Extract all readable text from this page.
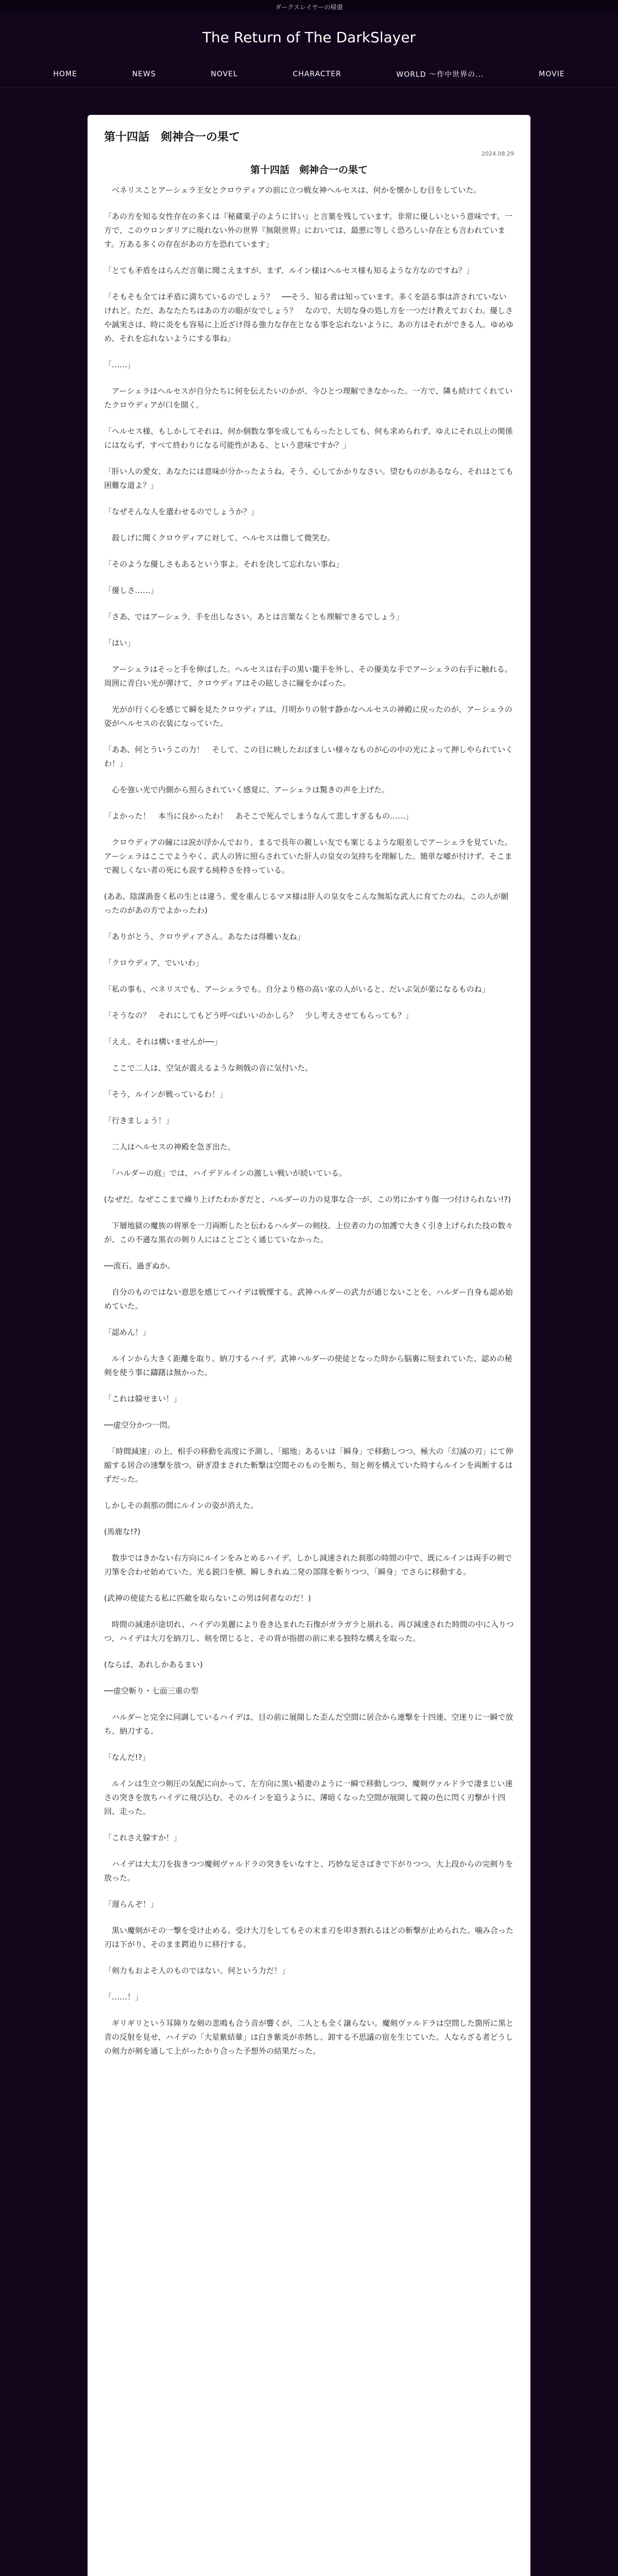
ダークスレイヤーの帰還
The Return of The DarkSlayer
HOME	NEWS	NOVEL	CHARACTER	WORLD ～作中世界の...	MOVIE
第十四話　剣神合一の果て
2024.08.29
第十四話　剣神合一の果て

　ベネリスことアーシェラ王女とクロウディアの前に立つ戦女神ヘルセスは、何かを懐かしむ目をしていた。

「あの方を知る女性存在の多くは『秘蔵菓子のように甘い』と言葉を残しています。非常に優しいという意味です。一方で、このウロンダリアに現れない外の世界『無限世界』においては、最悪に等しく恐ろしい存在とも言われています。万ある多くの存在があの方を恐れています」

「とても矛盾をはらんだ言葉に聞こえますが、まず、ルイン様はヘルセス様も知るような方なのですね？」

「そもそも全ては矛盾に満ちているのでしょう？　──そう、知る者は知っています。多くを語る事は許されていないけれど。ただ、あなたたちはあの方の眼が女でしょう？　なので、大切な身の処し方を一つだけ教えておくわ。優しさや誠実さは、時に炎をも容易に上近ざけ得る強力な存在となる事を忘れないように。あの方はそれができる人。ゆめゆめ、それを忘れないようにする事ね」

「……」

　アーシェラはヘルセスが自分たちに何を伝えたいのかが、今ひとつ理解できなかった。一方で、隣も続けてくれていたクロウディアが口を開く。

「ヘルセス様、もしかしてそれは、何か個数な事を成してもらったとしても、何も求められず、ゆえにそれ以上の関係にはならず、すべて終わりになる可能性がある、という意味ですか？」

「肝い人の愛女、あなたには意味が分かったようね。そう、心してかかりなさい。望むものがあるなら、それはとても困難な道よ？」

「なぜそんな人を遣わせるのでしょうか？」

　殺しげに聞くクロウディアに対して、ヘルセスは微して微笑む。

「そのような優しさもあるという事よ。それを決して忘れない事ね」

「優しさ……」

「さあ、ではアーシェラ、手を出しなさい。あとは言葉なくとも理解できるでしょう」

「はい」

　アーシェラはそっと手を伸ばした。ヘルセスは右手の黒い籠手を外し、その優美な手でアーシェラの右手に触れる。周囲に青白い光が弾けて、クロウディアはその眩しさに瞳をかばった。

　光がが行く心を感じて瞬を見たクロウディアは、月明かりの射す静かなヘルセスの神殿に戻ったのが、アーシェラの姿がヘルセスの衣装になっていた。

「ああ、何とういうこの力！　そして、この目に映したおぼましい様々なものが心の中の光によって押しやられていくわ！」

　心を強い光で内側から照らされていく感覚に、アーシェラは驚きの声を上げた。

「よかった！　本当に良かったわ！　あそこで死んでしまうなんて悲しすぎるもの……」

　クロウディアの瞳には涙が浮かんでおり、まるで長年の親しい友でも案じるような眼差しでアーシェラを見ていた。アーシェラはここでようやく、武人の皆に照らされていた肝人の皇女の気持ちを理解した。簡単な嘘が付けず、そこまで親しくない者の死にも涙する純粋さを持っている。

(ああ、陰謀渦巻く私の生とは違う。愛を重んじるマヌ様は肝人の皇女をこんな無垢な武人に育てたのね。この人が願ったのがあの方でよかったわ)

「ありがとう、クロウディアさん。あなたは得難い友ね」

「クロウディア、でいいわ」

「私の事も、ベネリスでも、アーシェラでも。自分より格の高い家の人がいると、だいぶ気が楽になるものね」

「そうなの？　それにしてもどう呼べばいいのかしら？　少し考えさせてもらっても？」

「ええ、それは構いませんが──」

　ここで二人は、空気が震えるような剣戟の音に気付いた。

「そう、ルインが戦っているわ！」

「行きましょう！」

　二人はヘルセスの神殿を急ぎ出た。

　「ハルダーの庭」では、ハイデドルインの激しい戦いが続いている。

(なぜだ。なぜここまで繰り上げたわかぎだと、ハルダーの力の見事な合一が、この男にかすり傷一つ付けられない!?)

　下層地獄の魔族の将軍を一刀両断したと伝わるハルダーの剣技、上位者の力の加護で大きく引き上げられた技の数々が、この不遜な黒衣の剣り人にはことごとく通じていなかった。

──流石、過ぎぬか。

　自分のものではない意思を感じてハイデは戦慄する。武神ハルダーの武力が通じないことを、ハルダー自身も認め始めていた。

「認めん！」

　ルインから大きく距離を取り、納刀するハイデ。武神ハルダーの使徒となった時から脳裏に刻まれていた、認めの秘剣を使う事に躊躇は無かった。

「これは躱せまい！」

──虚空分かつ一閃。

　「時間減速」の上、相手の移動を高度に予測し、「縮地」あるいは「瞬身」で移動しつつ、極大の「幻滅の刃」にて伸縮する居合の速撃を放つ。研ぎ澄まされた斬撃は空間そのものを断ち、刻と剣を構えていた時すらルインを両断するはずだった。

しかしその刹那の間にルインの姿が消えた。

(馬鹿な!?)

　数歩ではきかない右方向にルインをみとめるハイデ。しかし減速された刹那の時間の中で、既にルインは両手の剣で刃筆を合わせ始めていた。光る鋭口を横、瞬しきれぬ二発の部隊を斬りつつ、「瞬身」でさらに移動する。

(武神の使徒たる私に匹敵を取らないこの男は何者なのだ！)

　時間の減速が途切れ、ハイデの美麗により巻き込まれた石像がガラガラと崩れる。再び減速された時間の中に入りつつ、ハイデは大刀を納刀し、剣を閉じると、その背が指摺の前に来る独特な構えを取った。

(ならば、あれしかあるまい)

──虚空斬り・七面三重の型

　ハルダーと完全に同調しているハイデは、目の前に展開した歪んだ空間に居合から連撃を十四連、空迷りに一瞬で放ち、納刀する。

「なんだ!?」

　ルインは生立つ剣圧の気配に向かって、左方向に黒い稲妻のように一瞬で移動しつつ、魔剣ヴァルドラで凄まじい速さの突きを放ちハイデに飛び込む。そのルインを追うように、薄暗くなった空間が展開して鏡の色に閃く刃撃が十四回、走った。

「これさえ躱すか！」

　ハイデは大太刀を抜きつつ魔剣ヴァルドラの突きをいなすと、巧妙な足さばきで下がりつつ、大上段からの完剣りを放った。

「遅らんぞ！」

　黒い魔剣がその一撃を受け止める。受け大刀をしてもその末ま刃を叩き割れるほどの斬撃が止められた。噛み合った刃は下がり、そのまま鍔迫りに移行する。

「剣力もおよそ人のものではない。何という力だ！」

「……！」

　ギリギリという耳障りな剣の悲鳴も合う音が響くが、二人とも全く譲らない。魔剣ヴァルドラは空間した箇所に黒と青の反射を見せ、ハイデの「大星紫結暈」は白き紫炎が赤熱し、卸する不思議の宿を生じていた。人ならざる者どうしの剣力が剣を通して上がったかり合った予想外の結果だった。
